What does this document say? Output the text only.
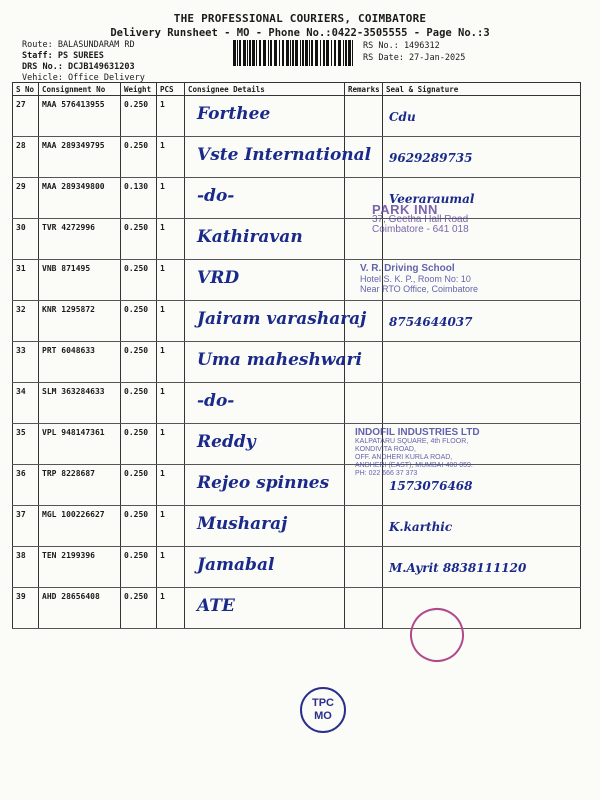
THE PROFESSIONAL COURIERS, COIMBATORE
Delivery Runsheet - MO - Phone No.:0422-3505555 - Page No.:3
Route: BALASUNDARAM RD
Staff: PS SUREES
DRS No.: DCJB149631203
Vehicle: Office Delivery
RS No.: 1496312
RS Date: 27-Jan-2025
S No	Consignment No	Weight	PCS	Consignee Details	Remarks	Seal & Signature
27	MAA 576413955	0.250	1	Forthee		Cdu

28	MAA 289349795	0.250	1	Vste International		9629289735

29	MAA 289349800	0.130	1	-do-		Veeraraumal

30	TVR 4272996	0.250	1	Kathiravan		

31	VNB 871495	0.250	1	VRD		

32	KNR 1295872	0.250	1	Jairam varasharaj		8754644037

33	PRT 6048633	0.250	1	Uma maheshwari		

34	SLM 363284633	0.250	1	-do-		

35	VPL 948147361	0.250	1	Reddy		

36	TRP 8228687	0.250	1	Rejeo spinnes		1573076468

37	MGL 100226627	0.250	1	Musharaj		K.karthic

38	TEN 2199396	0.250	1	Jamabal		M.Ayrit 8838111120

39	AHD 28656408	0.250	1	ATE		

PARK INN
37, Geetha Hall Road
Coimbatore - 641 018
V. R. Driving School
Hotel S. K. P., Room No: 10
Near RTO Office, Coimbatore
INDOFIL INDUSTRIES LTD
KALPATARU SQUARE, 4th FLOOR,
KONDIVITA ROAD,
OFF. ANDHERI KURLA ROAD,
ANDHERI (EAST), MUMBAI-400 059.
PH: 022 666 37 373
TPC
MO
